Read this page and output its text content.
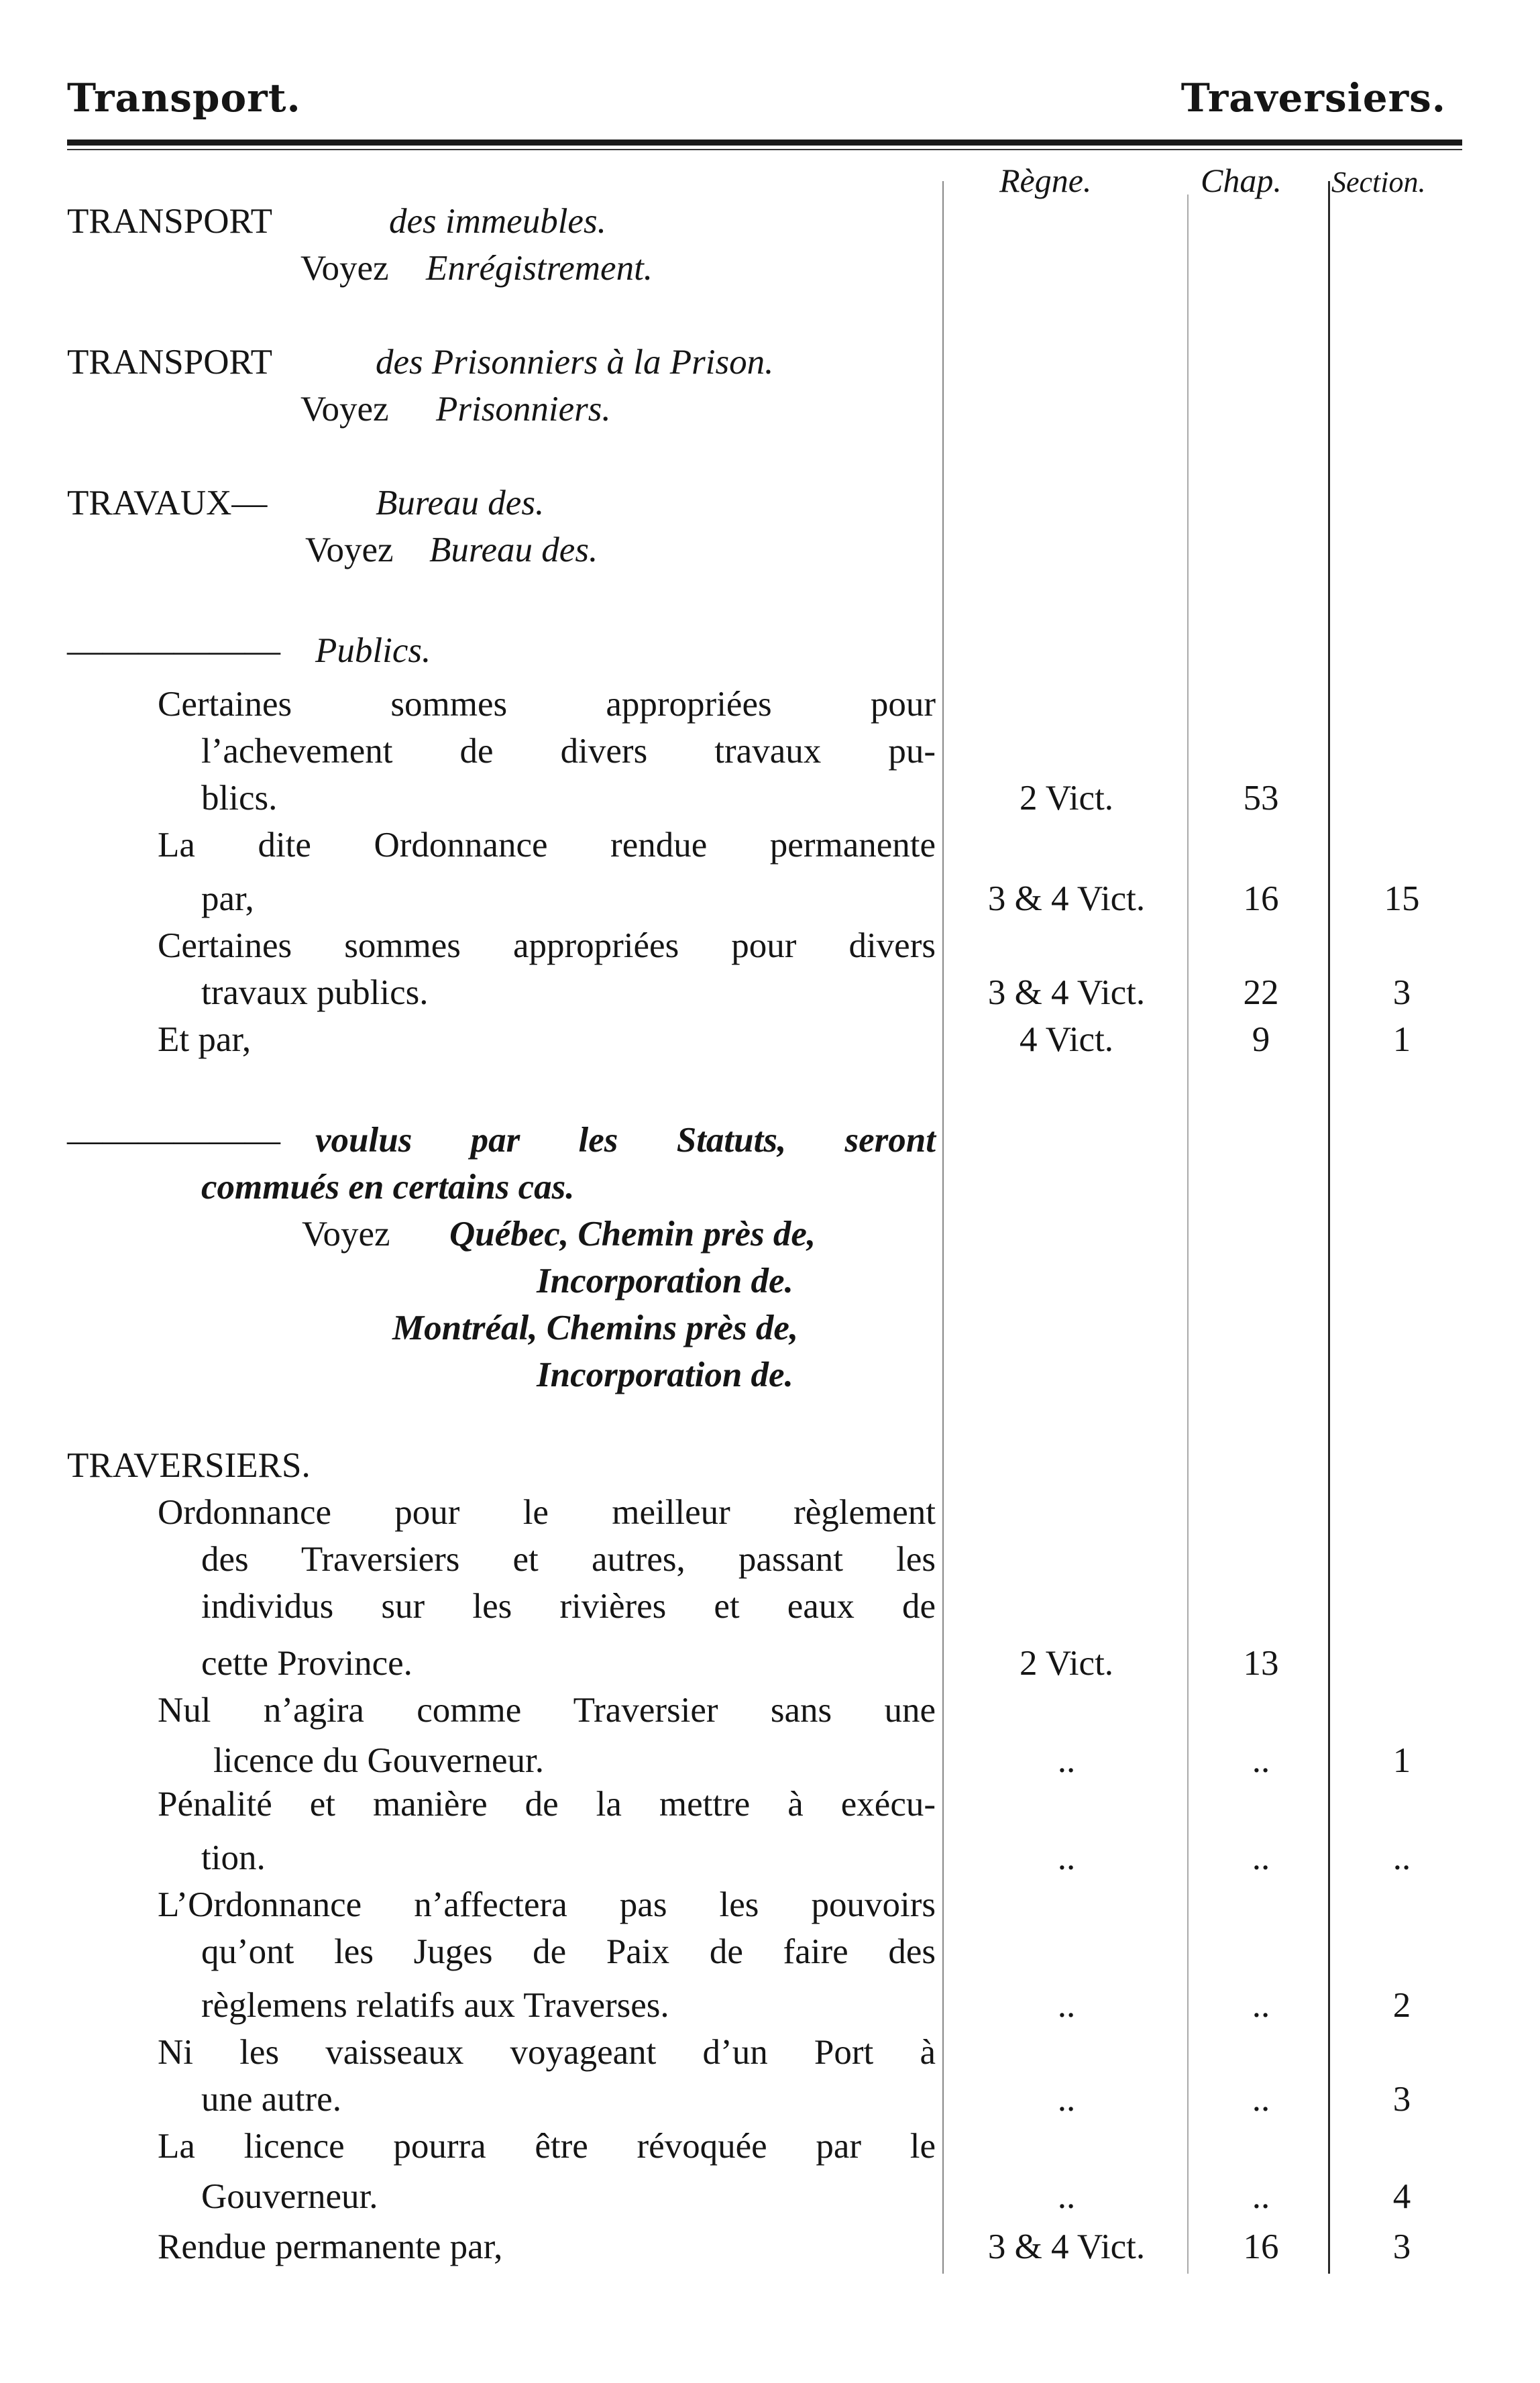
Transport.	Traversiers.
Règne.	Chap. Section.
TRANSPORT	des immeubles.
Voyez Enrégistrement.
TRANSPORT	des Prisonniers à la Prison.
Voyez Prisonniers.
TRAVAUX—	Bureau des.
Voyez Bureau des.
—————— Publics.
Certaines sommes appropriées pour
l’achevement de divers travaux pu-
blics.	2 Vict.	53
La dite Ordonnance rendue permanente
par,	3 & 4 Vict.	16	15
Certaines sommes appropriées pour divers
travaux publics.	3 & 4 Vict.	22	3
Et par,	4 Vict.	9	1
—————— voulus par les Statuts, seront
commués en certains cas.
Voyez Québec, Chemin près de,
Incorporation de.
Montréal, Chemins près de,
Incorporation de.
TRAVERSIERS.
Ordonnance pour le meilleur règlement
des Traversiers et autres, passant les
individus sur les rivières et eaux de
cette Province.	2 Vict.	13
Nul n’agira comme Traversier sans une
licence du Gouverneur.	..	..	1
Pénalité et manière de la mettre à exécu-
tion.	..	..	..
L’Ordonnance n’affectera pas les pouvoirs
qu’ont les Juges de Paix de faire des
règlemens relatifs aux Traverses.	..	..	2
Ni les vaisseaux voyageant d’un Port à
une autre.	..	..	3
La licence pourra être révoquée par le
Gouverneur.	..	..	4
Rendue permanente par,	3 & 4 Vict.	16	3
